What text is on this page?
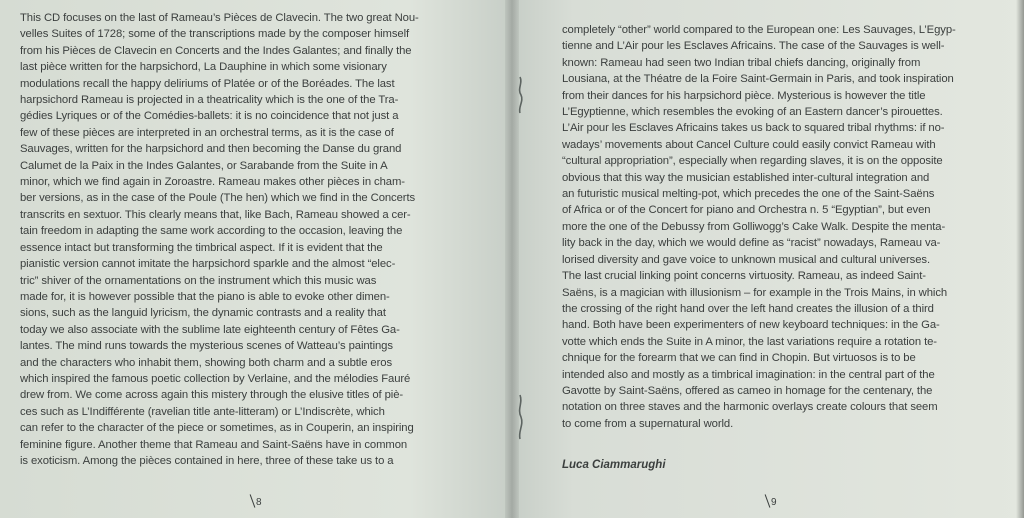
This CD focuses on the last of Rameau’s Pièces de Clavecin. The two great Nou-
velles Suites of 1728; some of the transcriptions made by the composer himself
from his Pièces de Clavecin en Concerts and the Indes Galantes; and finally the
last pièce written for the harpsichord, La Dauphine in which some visionary
modulations recall the happy deliriums of Platée or of the Boréades. The last
harpsichord Rameau is projected in a theatricality which is the one of the Tra-
gédies Lyriques or of the Comédies-ballets: it is no coincidence that not just a
few of these pièces are interpreted in an orchestral terms, as it is the case of
Sauvages, written for the harpsichord and then becoming the Danse du grand
Calumet de la Paix in the Indes Galantes, or Sarabande from the Suite in A
minor, which we find again in Zoroastre. Rameau makes other pièces in cham-
ber versions, as in the case of the Poule (The hen) which we find in the Concerts
transcrits en sextuor. This clearly means that, like Bach, Rameau showed a cer-
tain freedom in adapting the same work according to the occasion, leaving the
essence intact but transforming the timbrical aspect. If it is evident that the
pianistic version cannot imitate the harpsichord sparkle and the almost “elec-
tric” shiver of the ornamentations on the instrument which this music was
made for, it is however possible that the piano is able to evoke other dimen-
sions, such as the languid lyricism, the dynamic contrasts and a reality that
today we also associate with the sublime late eighteenth century of Fêtes Ga-
lantes. The mind runs towards the mysterious scenes of Watteau’s paintings
and the characters who inhabit them, showing both charm and a subtle eros
which inspired the famous poetic collection by Verlaine, and the mélodies Fauré
drew from. We come across again this mistery through the elusive titles of piè-
ces such as L’Indifférente (ravelian title ante-litteram) or L’Indiscrète, which
can refer to the character of the piece or sometimes, as in Couperin, an inspiring
feminine figure. Another theme that Rameau and Saint-Saëns have in common
is exoticism. Among the pièces contained in here, three of these take us to a
8
completely “other” world compared to the European one: Les Sauvages, L’Egyp-
tienne and L’Air pour les Esclaves Africains. The case of the Sauvages is well-
known: Rameau had seen two Indian tribal chiefs dancing, originally from
Lousiana, at the Théatre de la Foire Saint-Germain in Paris, and took inspiration
from their dances for his harpsichord pièce. Mysterious is however the title
L’Egyptienne, which resembles the evoking of an Eastern dancer’s pirouettes.
L’Air pour les Esclaves Africains takes us back to squared tribal rhythms: if no-
wadays’ movements about Cancel Culture could easily convict Rameau with
“cultural appropriation”, especially when regarding slaves, it is on the opposite
obvious that this way the musician established inter-cultural integration and
an futuristic musical melting-pot, which precedes the one of the Saint-Saëns
of Africa or of the Concert for piano and Orchestra n. 5 “Egyptian”, but even
more the one of the Debussy from Golliwogg’s Cake Walk. Despite the menta-
lity back in the day, which we would define as “racist” nowadays, Rameau va-
lorised diversity and gave voice to unknown musical and cultural universes.
The last crucial linking point concerns virtuosity. Rameau, as indeed Saint-
Saëns, is a magician with illusionism – for example in the Trois Mains, in which
the crossing of the right hand over the left hand creates the illusion of a third
hand. Both have been experimenters of new keyboard techniques: in the Ga-
votte which ends the Suite in A minor, the last variations require a rotation te-
chnique for the forearm that we can find in Chopin. But virtuosos is to be
intended also and mostly as a timbrical imagination: in the central part of the
Gavotte by Saint-Saëns, offered as cameo in homage for the centenary, the
notation on three staves and the harmonic overlays create colours that seem
to come from a supernatural world.
Luca Ciammarughi
9
